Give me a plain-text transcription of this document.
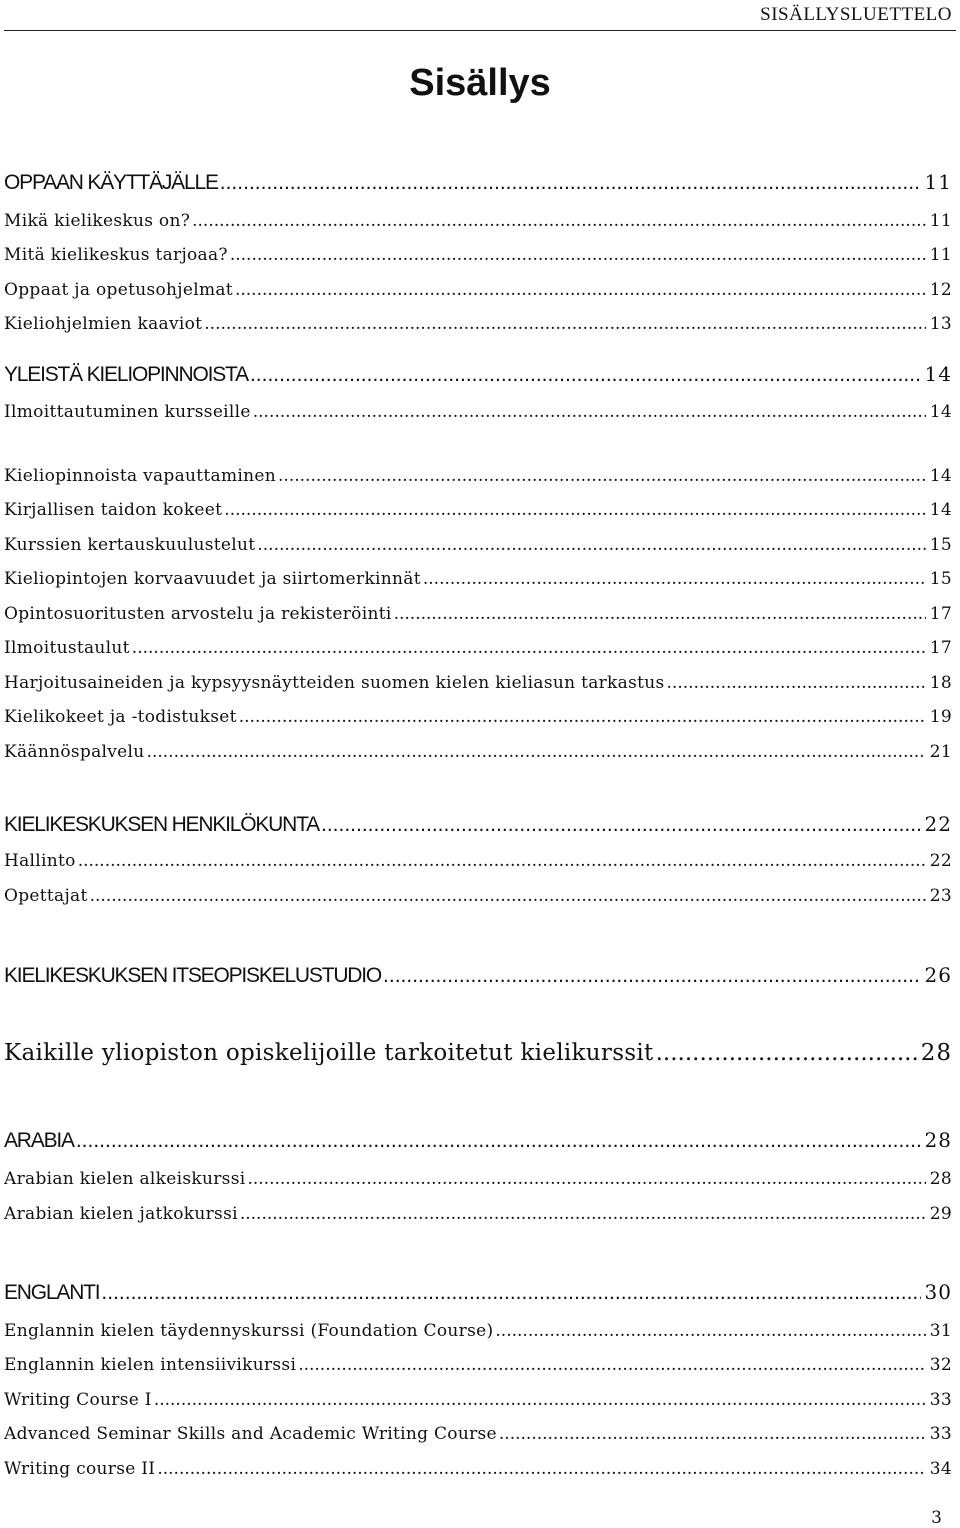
SISÄLLYSLUETTELO
Sisällys
OPPAAN KÄYTTÄJÄLLE .....	11
Mikä kielikeskus on? .....	11
Mitä kielikeskus tarjoaa? .....	11
Oppaat ja opetusohjelmat .....	12
Kieliohjelmien kaaviot .....	13
YLEISTÄ KIELIOPINNOISTA .....	14
Ilmoittautuminen kursseille .....	14
Kieliopinnoista vapauttaminen .....	14
Kirjallisen taidon kokeet .....	14
Kurssien kertauskuulustelut .....	15
Kieliopintojen korvaavuudet ja siirtomerkinnät .....	15
Opintosuoritusten arvostelu ja rekisteröinti .....	17
Ilmoitustaulut .....	17
Harjoitusaineiden ja kypsyysnäytteiden suomen kielen kieliasun tarkastus .....	18
Kielikokeet ja -todistukset .....	19
Käännöspalvelu .....	21
KIELIKESKUKSEN HENKILÖKUNTA .....	22
Hallinto .....	22
Opettajat .....	23
KIELIKESKUKSEN ITSEOPISKELUSTUDIO .....	26
Kaikille yliopiston opiskelijoille tarkoitetut kielikurssit .....	28
ARABIA .....	28
Arabian kielen alkeiskurssi .....	28
Arabian kielen jatkokurssi .....	29
ENGLANTI .....	30
Englannin kielen täydennyskurssi (Foundation Course) .....	31
Englannin kielen intensiivikurssi .....	32
Writing Course I .....	33
Advanced Seminar Skills and Academic Writing Course .....	33
Writing course II .....	34
3
